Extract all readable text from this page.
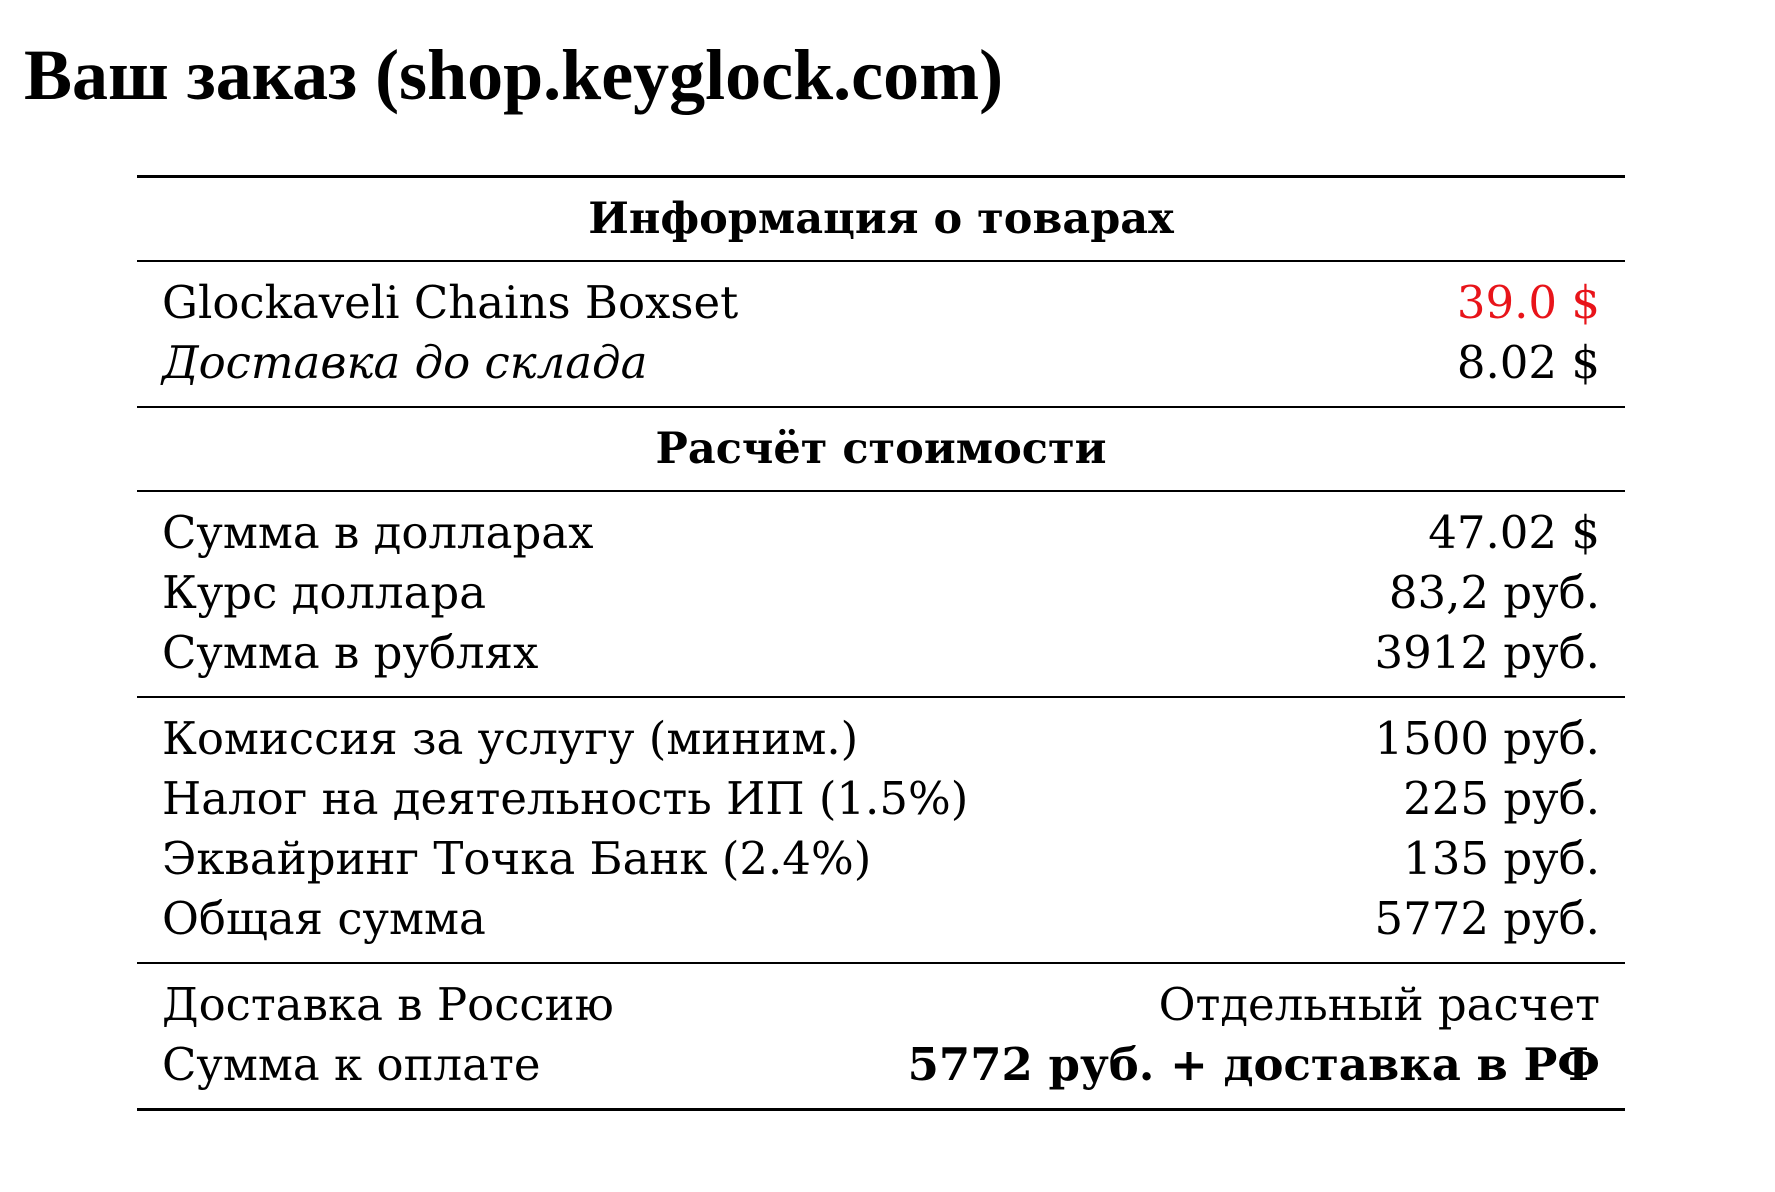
Ваш заказ (shop.keyglock.com)
Информация о товарах
Glockaveli Chains Boxset	39.0 $
Доставка до склада	8.02 $
Расчёт стоимости
Сумма в долларах	47.02 $
Курс доллара	83,2 руб.
Сумма в рублях	3912 руб.
Комиссия за услугу (миним.)	1500 руб.
Налог на деятельность ИП (1.5%)	225 руб.
Эквайринг Точка Банк (2.4%)	135 руб.
Общая сумма	5772 руб.
Доставка в Россию	Отдельный расчет
Сумма к оплате	5772 руб. + доставка в РФ
